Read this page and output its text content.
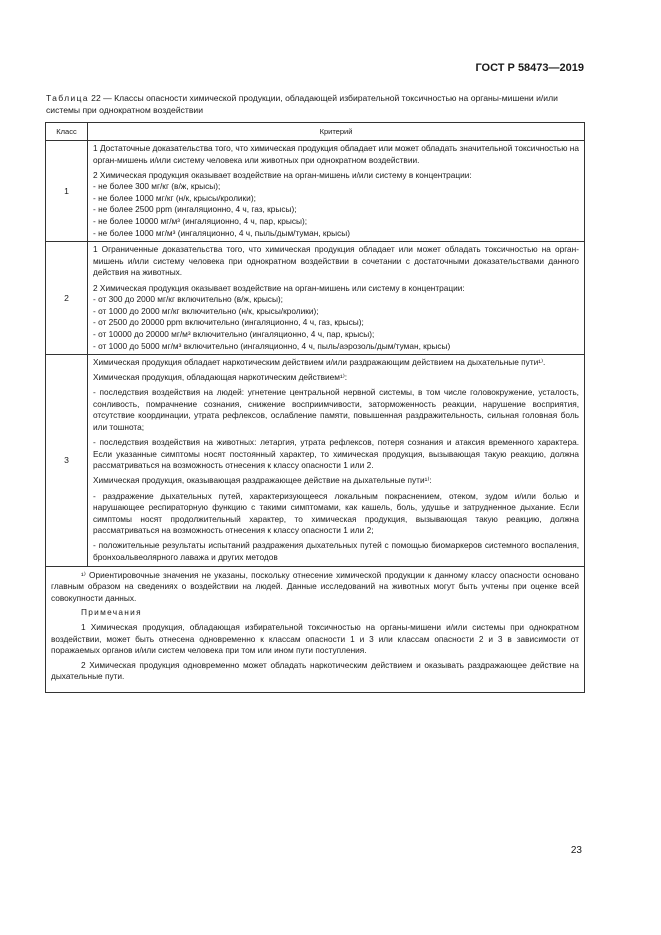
ГОСТ Р 58473—2019
Таблица 22 — Классы опасности химической продукции, обладающей избирательной токсичностью на органы-мишени и/или системы при однократном воздействии
Класс	Критерий
1

1 Достаточные доказательства того, что химическая продукция обладает или может обладать значительной токсичностью на орган-мишень и/или систему человека или животных при однократном воздействии.

2 Химическая продукция оказывает воздействие на орган-мишень и/или систему в концентрации:

- не более 300 мг/кг (в/ж, крысы);

- не более 1000 мг/кг (н/к, крысы/кролики);

- не более 2500 ppm (ингаляционно, 4 ч, газ, крысы);

- не более 10000 мг/м³ (ингаляционно, 4 ч, пар, крысы);

- не более 1000 мг/м³ (ингаляционно, 4 ч, пыль/дым/туман, крысы)

2

1 Ограниченные доказательства того, что химическая продукция обладает или может обладать токсичностью на орган-мишень и/или систему человека при однократном воздействии в сочетании с достаточными доказательствами данного действия на животных.

2 Химическая продукция оказывает воздействие на орган-мишень или систему в концентрации:

- от 300 до 2000 мг/кг включительно (в/ж, крысы);

- от 1000 до 2000 мг/кг включительно (н/к, крысы/кролики);

- от 2500 до 20000 ppm включительно (ингаляционно, 4 ч, газ, крысы);

- от 10000 до 20000 мг/м³ включительно (ингаляционно, 4 ч, пар, крысы);

- от 1000 до 5000 мг/м³ включительно (ингаляционно, 4 ч, пыль/аэрозоль/дым/туман, крысы)

3

Химическая продукция обладает наркотическим действием и/или раздражающим действием на дыхательные пути¹⁾.

Химическая продукция, обладающая наркотическим действием¹⁾:

- последствия воздействия на людей: угнетение центральной нервной системы, в том числе головокружение, усталость, сонливость, помрачнение сознания, снижение восприимчивости, заторможенность реакции, нарушение восприятия, отсутствие координации, утрата рефлексов, ослабление памяти, повышенная раздражительность, сильная головная боль или тошнота;

- последствия воздействия на животных: летаргия, утрата рефлексов, потеря сознания и атаксия временного характера. Если указанные симптомы носят постоянный характер, то химическая продукция, вызывающая такую реакцию, должна рассматриваться на возможность отнесения к классу опасности 1 или 2.

Химическая продукция, оказывающая раздражающее действие на дыхательные пути¹⁾:

- раздражение дыхательных путей, характеризующееся локальным покраснением, отеком, зудом и/или болью и нарушающее респираторную функцию с такими симптомами, как кашель, боль, удушье и затрудненное дыхание. Если симптомы носят продолжительный характер, то химическая продукция, вызывающая такую реакцию, должна рассматриваться на возможность отнесения к классу опасности 1 или 2;

- положительные результаты испытаний раздражения дыхательных путей с помощью биомаркеров системного воспаления, бронхоальвеолярного лаважа и других методов

¹⁾ Ориентировочные значения не указаны, поскольку отнесение химической продукции к данному классу опасности основано главным образом на сведениях о воздействии на людей. Данные исследований на животных могут быть учтены при оценке всей совокупности данных.

Примечания

1 Химическая продукция, обладающая избирательной токсичностью на органы-мишени и/или системы при однократном воздействии, может быть отнесена одновременно к классам опасности 1 и 3 или классам опасности 2 и 3 в зависимости от поражаемых органов и/или систем человека при том или ином пути поступления.

2 Химическая продукция одновременно может обладать наркотическим действием и оказывать раздражающее действие на дыхательные пути.

23
